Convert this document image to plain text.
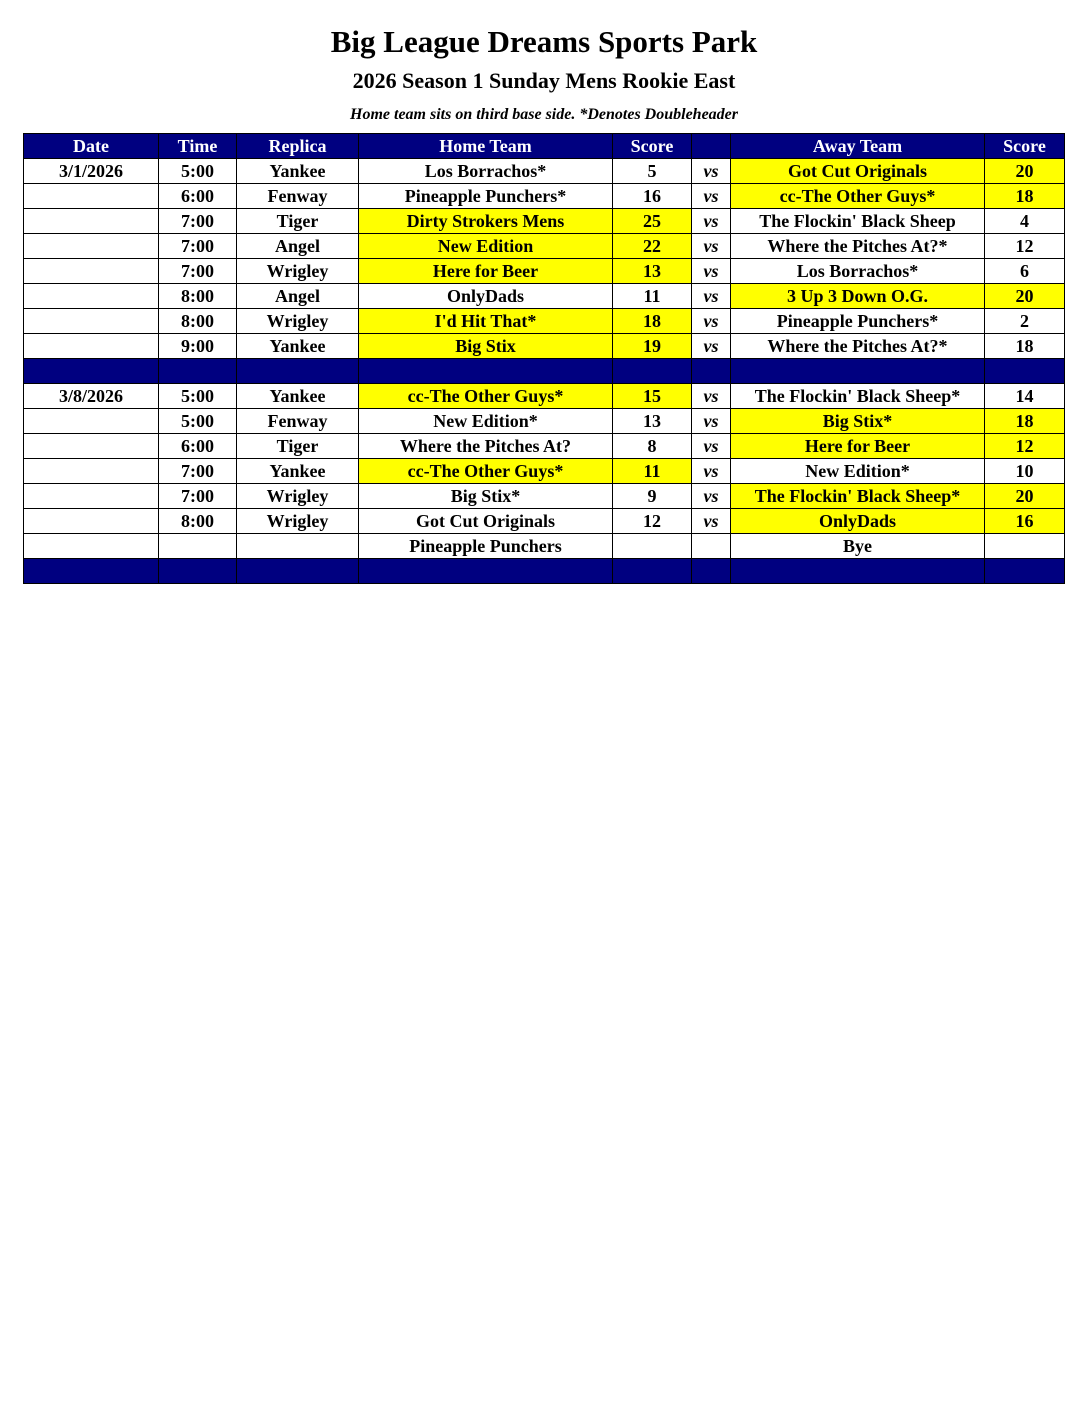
Big League Dreams Sports Park
2026 Season 1 Sunday Mens Rookie East
Home team sits on third base side. *Denotes Doubleheader
Date	Time	Replica	Home Team	Score		Away Team	Score
3/1/2026	5:00	Yankee	Los Borrachos*	5	vs	Got Cut Originals	20
	6:00	Fenway	Pineapple Punchers*	16	vs	cc-The Other Guys*	18
	7:00	Tiger	Dirty Strokers Mens	25	vs	The Flockin' Black Sheep	4
	7:00	Angel	New Edition	22	vs	Where the Pitches At?*	12
	7:00	Wrigley	Here for Beer	13	vs	Los Borrachos*	6
	8:00	Angel	OnlyDads	11	vs	3 Up 3 Down O.G.	20
	8:00	Wrigley	I'd Hit That*	18	vs	Pineapple Punchers*	2
	9:00	Yankee	Big Stix	19	vs	Where the Pitches At?*	18

3/8/2026	5:00	Yankee	cc-The Other Guys*	15	vs	The Flockin' Black Sheep*	14
	5:00	Fenway	New Edition*	13	vs	Big Stix*	18
	6:00	Tiger	Where the Pitches At?	8	vs	Here for Beer	12
	7:00	Yankee	cc-The Other Guys*	11	vs	New Edition*	10
	7:00	Wrigley	Big Stix*	9	vs	The Flockin' Black Sheep*	20
	8:00	Wrigley	Got Cut Originals	12	vs	OnlyDads	16
			Pineapple Punchers			Bye	
